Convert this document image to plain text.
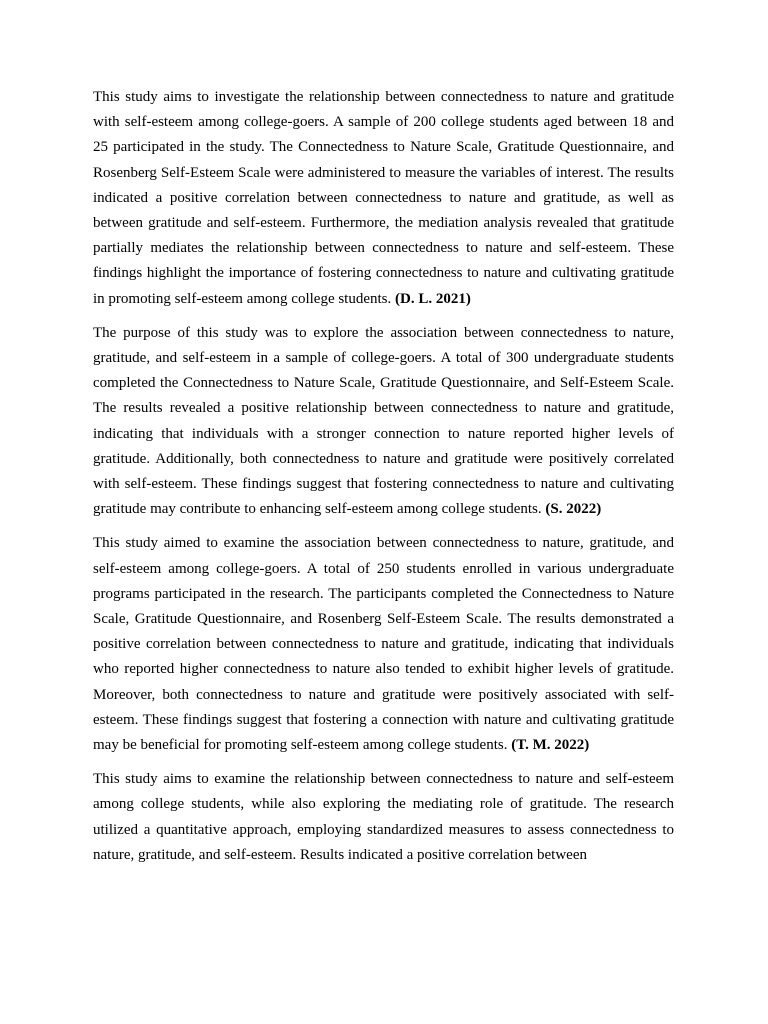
This study aims to investigate the relationship between connectedness to nature and gratitude with self-esteem among college-goers. A sample of 200 college students aged between 18 and 25 participated in the study. The Connectedness to Nature Scale, Gratitude Questionnaire, and Rosenberg Self-Esteem Scale were administered to measure the variables of interest. The results indicated a positive correlation between connectedness to nature and gratitude, as well as between gratitude and self-esteem. Furthermore, the mediation analysis revealed that gratitude partially mediates the relationship between connectedness to nature and self-esteem. These findings highlight the importance of fostering connectedness to nature and cultivating gratitude in promoting self-esteem among college students. (D. L. 2021)

The purpose of this study was to explore the association between connectedness to nature, gratitude, and self-esteem in a sample of college-goers. A total of 300 undergraduate students completed the Connectedness to Nature Scale, Gratitude Questionnaire, and Self-Esteem Scale. The results revealed a positive relationship between connectedness to nature and gratitude, indicating that individuals with a stronger connection to nature reported higher levels of gratitude. Additionally, both connectedness to nature and gratitude were positively correlated with self-esteem. These findings suggest that fostering connectedness to nature and cultivating gratitude may contribute to enhancing self-esteem among college students. (S. 2022)

This study aimed to examine the association between connectedness to nature, gratitude, and self-esteem among college-goers. A total of 250 students enrolled in various undergraduate programs participated in the research. The participants completed the Connectedness to Nature Scale, Gratitude Questionnaire, and Rosenberg Self-Esteem Scale. The results demonstrated a positive correlation between connectedness to nature and gratitude, indicating that individuals who reported higher connectedness to nature also tended to exhibit higher levels of gratitude. Moreover, both connectedness to nature and gratitude were positively associated with self-esteem. These findings suggest that fostering a connection with nature and cultivating gratitude may be beneficial for promoting self-esteem among college students. (T. M. 2022)

This study aims to examine the relationship between connectedness to nature and self-esteem among college students, while also exploring the mediating role of gratitude. The research utilized a quantitative approach, employing standardized measures to assess connectedness to nature, gratitude, and self-esteem. Results indicated a positive correlation between
